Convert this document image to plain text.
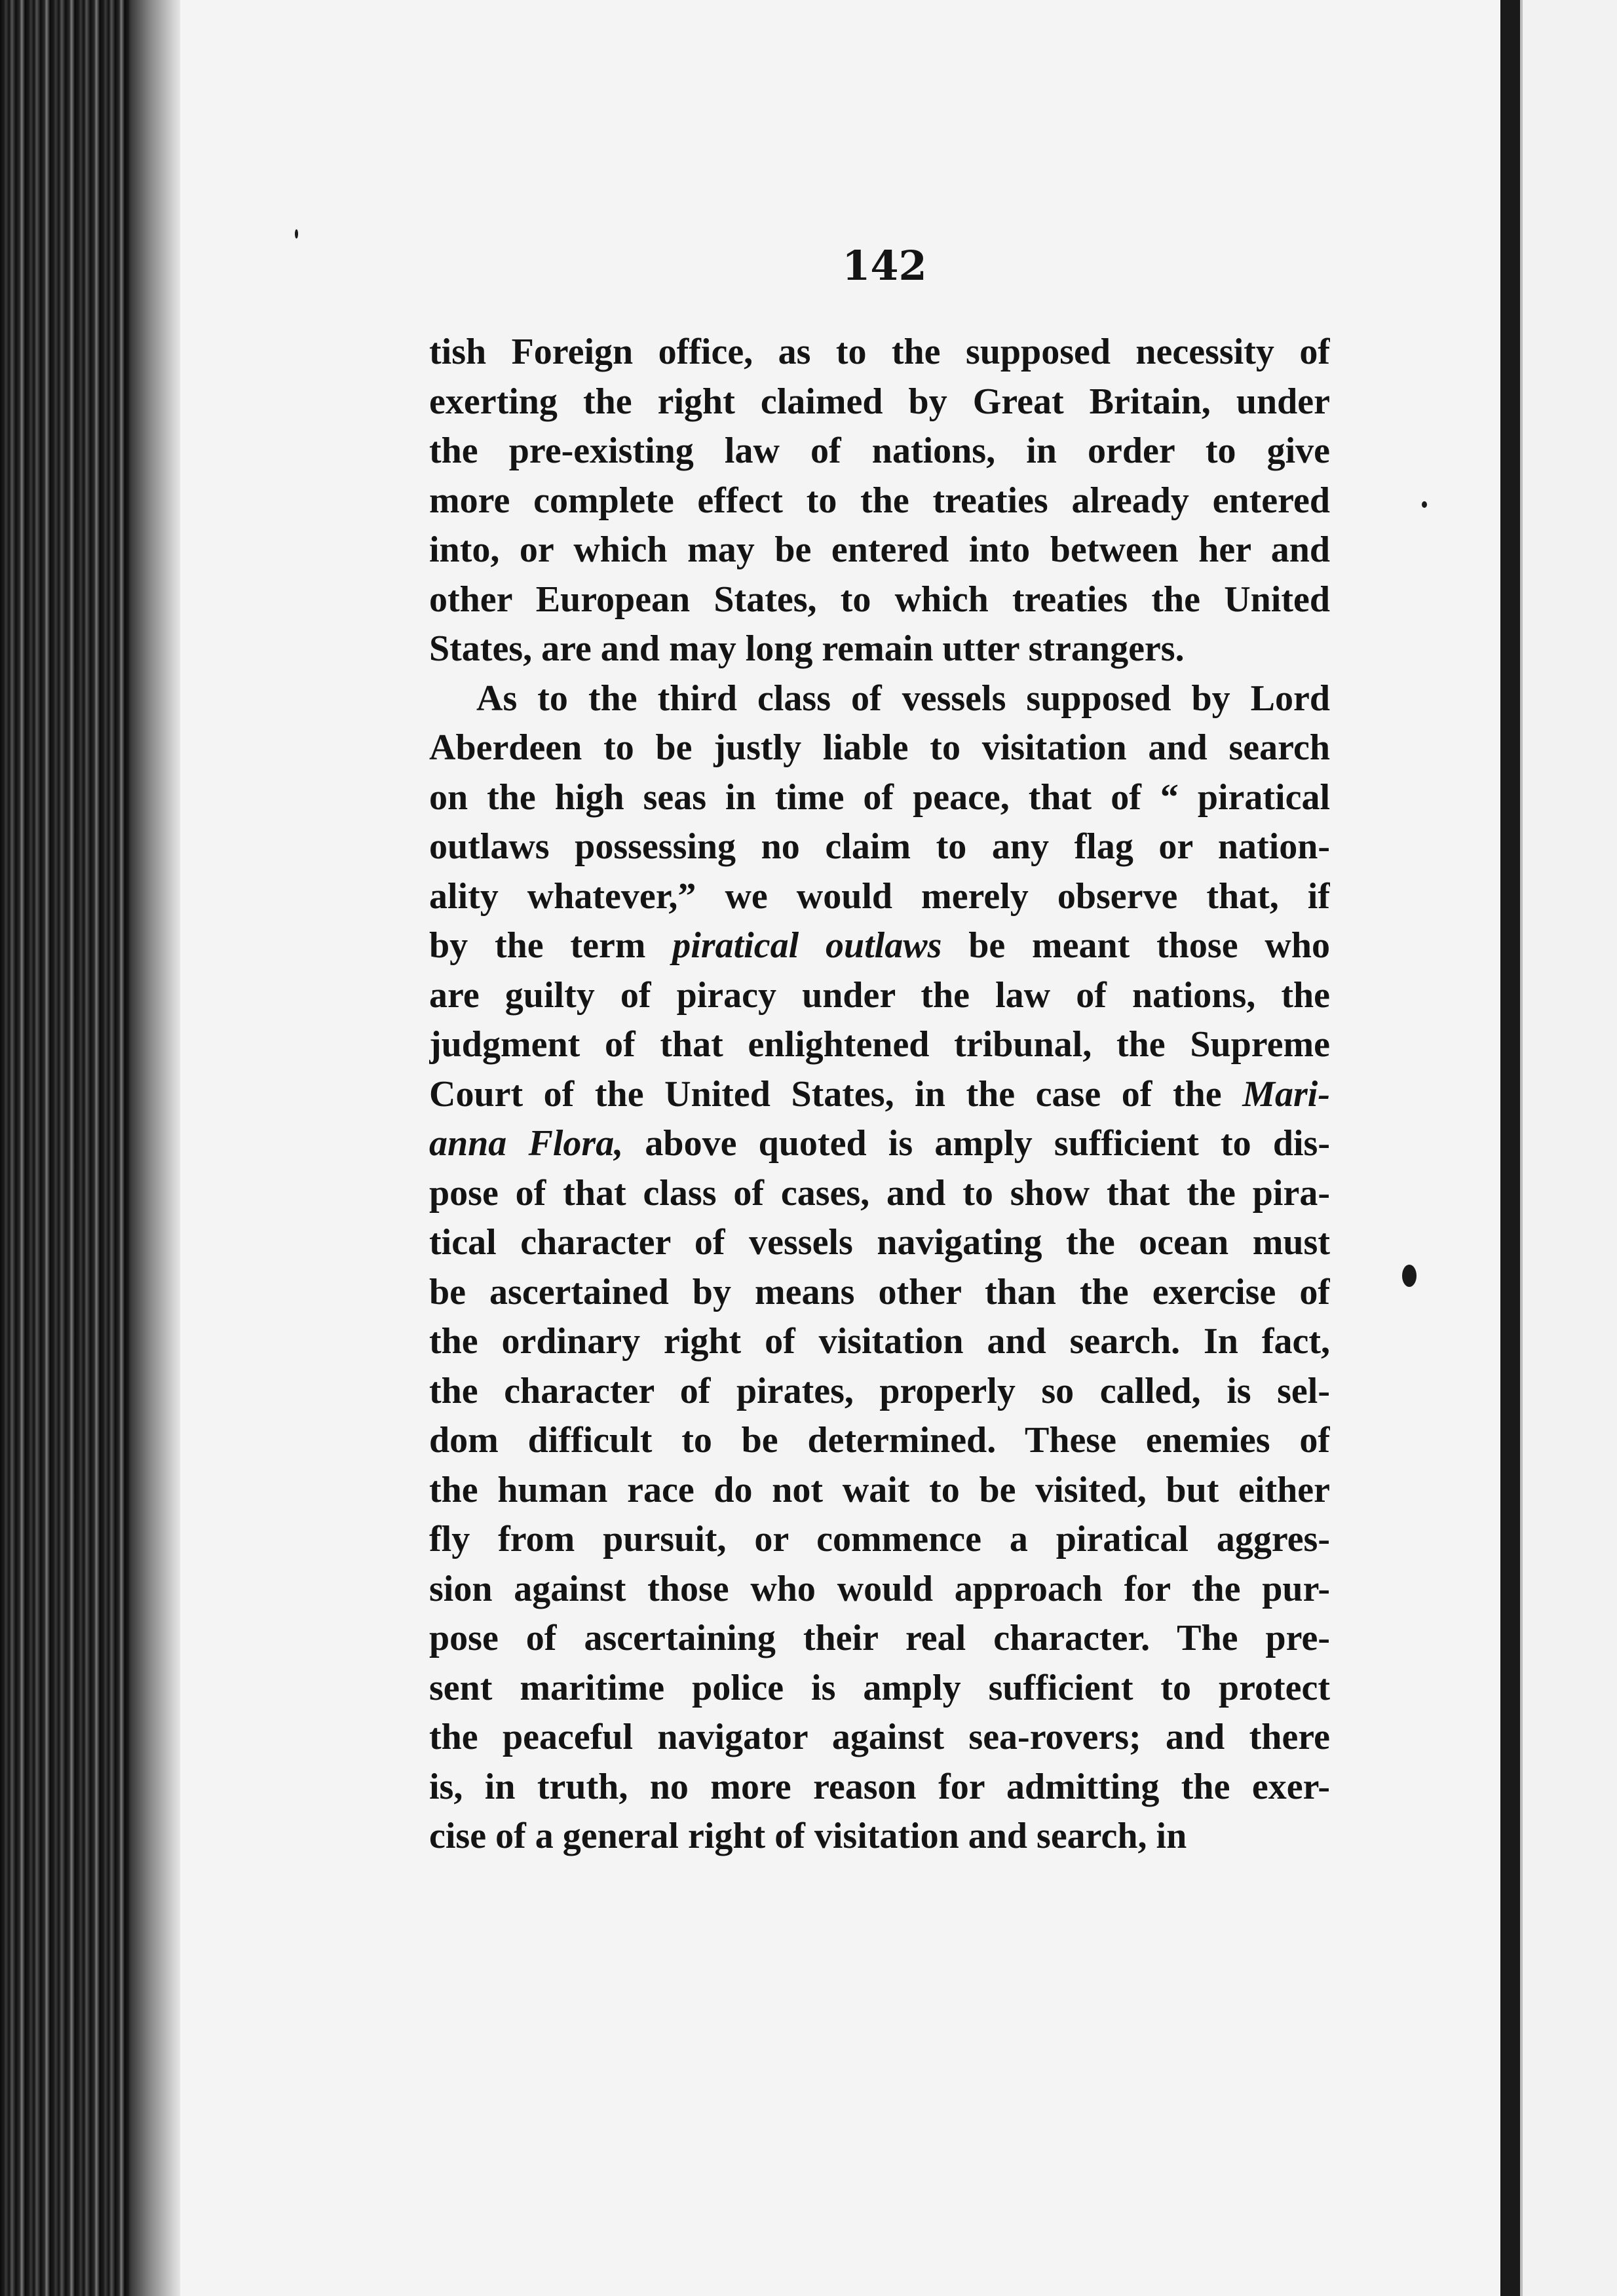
142
tish Foreign office, as to the supposed necessity of
exerting the right claimed by Great Britain, under
the pre-existing law of nations, in order to give
more complete effect to the treaties already entered
into, or which may be entered into between her and
other European States, to which treaties the United
States, are and may long remain utter strangers.
As to the third class of vessels supposed by Lord
Aberdeen to be justly liable to visitation and search
on the high seas in time of peace, that of “ piratical
outlaws possessing no claim to any flag or nation-
ality whatever,” we would merely observe that, if
by the term piratical outlaws be meant those who
are guilty of piracy under the law of nations, the
judgment of that enlightened tribunal, the Supreme
Court of the United States, in the case of the Mari-
anna Flora, above quoted is amply sufficient to dis-
pose of that class of cases, and to show that the pira-
tical character of vessels navigating the ocean must
be ascertained by means other than the exercise of
the ordinary right of visitation and search. In fact,
the character of pirates, properly so called, is sel-
dom difficult to be determined. These enemies of
the human race do not wait to be visited, but either
fly from pursuit, or commence a piratical aggres-
sion against those who would approach for the pur-
pose of ascertaining their real character. The pre-
sent maritime police is amply sufficient to protect
the peaceful navigator against sea-rovers; and there
is, in truth, no more reason for admitting the exer-
cise of a general right of visitation and search, in
